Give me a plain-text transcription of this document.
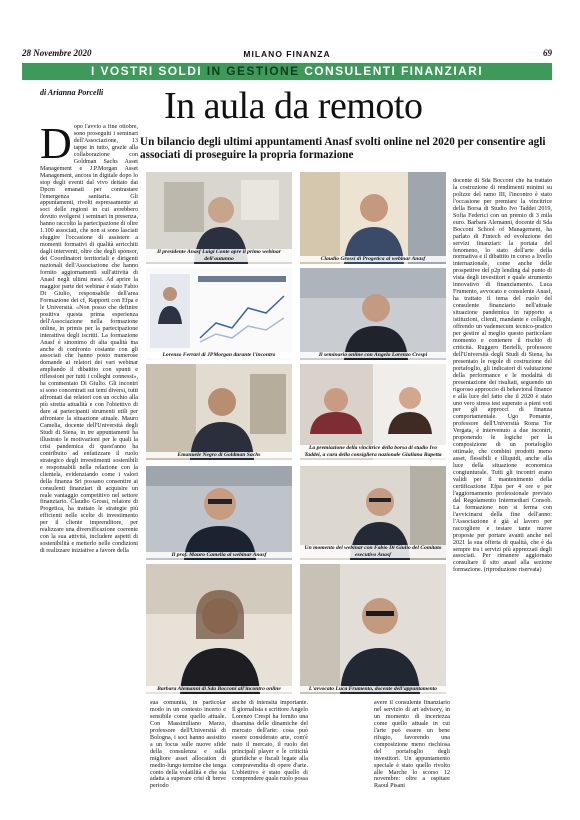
28 Novembre 2020	MILANO FINANZA	69
I VOSTRI SOLDI IN GESTIONE CONSULENTI FINANZIARI
di Arianna Porcelli In aula da remoto
Un bilancio degli ultimi appuntamenti Anasf svolti online nel 2020 per consentire agli associati di proseguire la propria formazione
D opo l'avvio a fine ottobre, sono proseguiti i seminari dell'Associazione, 13 tappe in tutto, grazie alla collaborazione con Goldman Sachs Asset Management e J.P.Morgan Asset Management, ancora in digitale dopo lo stop degli eventi dal vivo dettato dai Dpcm emanati per contrastare l'emergenza sanitaria. Gli appuntamenti, rivolti espressamente ai soci delle regioni in cui avrebbero dovuto svolgersi i seminari in presenza, hanno raccolto la partecipazione di oltre 1.100 associati, che non si sono lasciati sfuggire l'occasione di assistere a momenti formativi di qualità arricchiti dagli interventi, oltre che degli sponsor, dei Coordinatori territoriali e dirigenti nazionali dell'Associazione che hanno fornito aggiornamenti sull'attività di Anasf negli ultimi mesi. Ad aprire la maggior parte dei webinar è stato Fabio Di Giulio, responsabile dell'area Formazione dei cf, Rapporti con Efpa e le Università. «Non posso che definire positiva questa prima esperienza dell'Associazione nella formazione online, in primis per la partecipazione interattiva degli iscritti. La formazione Anasf è sinonimo di alta qualità ma anche di confronto costante con gli associati che hanno posto numerose domande ai relatori dei vari webinar ampliando il dibattito con spunti e riflessioni per tutti i colleghi connessi», ha commentato Di Giulio. Gli incontri si sono concentrati sui temi diversi, tutti affrontati dai relatori con un occhio alla più stretta attualità e con l'obiettivo di dare ai partecipanti strumenti utili per affrontare la situazione attuale. Mauro Camelia, docente dell'Università degli Studi di Siena, in tre appuntamenti ha illustrato le motivazioni per le quali la crisi pandemica di quest'anno ha contribuito ad enfatizzare il ruolo strategico degli investimenti sostenibili e responsabili nella relazione con la clientela, evidenziando come i valori della finanza Sri possano consentire ai consulenti finanziari di acquisire un reale vantaggio competitivo nel settore finanziario. Claudio Grossi, relatore di Progetica, ha trattato le strategie più efficienti nelle scelte di investimento per il cliente imprenditore, per realizzare una diversificazione coerente con la sua attività, includere aspetti di sostenibilità e metterlo nelle condizioni di realizzare iniziative a favore della
sua comunità, in particolar modo in un contesto incerto e sensibile come quello attuale. Con Massimiliano Marzo, professore dell'Università di Bologna, i soci hanno assistito a un focus sulle nuove sfide della consulenza e sulla migliore asset allocation di medio-lungo termine che tenga conto della volatilità e che sia adatta a superare crisi di breve periodo
anche di intensità importante. Il giornalista e scrittore Angelo Lorenzo Crespi ha fornito una disamina delle dinamiche del mercato dell'arte: cosa può essere considerato arte, com'è nato il mercato, il ruolo dei principali player e le criticità giuridiche e fiscali legate alla compravendita di opere d'arte. L'obiettivo è stato quello di comprendere quale ruolo possa
avere il consulente finanziario nel servizio di art advisory, in un momento di incertezza come quello attuale in cui l'arte può essere un bene rifugio, favorendo una composizione meno rischiosa del portafoglio degli investitori. Un appuntamento speciale è stato quello rivolto alle Marche lo scorso 12 novembre: oltre a ospitare Raoul Pisani
docente di Sda Bocconi che ha trattato la costruzione di rendimenti minimi su polizze del ramo III, l'incontro è stato l'occasione per premiare la vincitrice della Borsa di Studio Ivo Taddei 2019, Sofia Federici con un premio di 3 mila euro. Barbara Alemanni, docente di Sda Bocconi School of Management, ha parlato di Fintech ed evoluzione dei servizi finanziari: la portata del fenomeno, lo stato dell'arte della normativa e il dibattito in corso a livello internazionale, come anche delle prospettive del p2p lending dal punto di vista degli investitori e quale strumento innovativo di finanziamento. Luca Frumento, avvocato e consulente Anasf, ha trattato il tema del ruolo del consulente finanziario nell'attuale situazione pandemica in rapporto a istituzioni, clienti, mandante e colleghi, offrendo un vademecum tecnico-pratico per gestire al meglio questo particolare momento e contenere il rischio di criticità. Ruggero Bertelli, professore dell'Università degli Studi di Siena, ha presentato le regole di costruzione del portafoglio, gli indicatori di valutazione della performance e le modalità di presentazione dei risultati, seguendo un rigoroso approccio di behavioral finance e alla luce del fatto che il 2020 è stato uno vero stress test superato a pieni voti per gli approcci di finanza comportamentale. Ugo Pomante, professore dell'Università Roma Tor Vergata, è intervenuto a due incontri, proponendo le logiche per la composizione di un portafoglio ottimale, che combini prodotti meno asset, flessibili e illiquidi, anche alla luce della situazione economica congiunturale. Tutti gli incontri erano validi per il mantenimento della certificazione Efpa per 4 ore e per l'aggiornamento professionale previsto dal Regolamento Intermediari Consob. La formazione non si ferma con l'avvicinarsi della fine dell'anno: l'Associazione è già al lavoro per raccogliere e testare tante nuove proposte per portare avanti anche nel 2021 la sua offerta di qualità, che è da sempre tra i servizi più apprezzati degli associati. Per rimanere aggiornato consultare il sito anasf alla sezione formazione. (riproduzione riservata)
Il presidente Anasf Luigi Conte apre il primo webinar dell'autunno	Claudio Grossi di Progetica al webinar Anasf
Lorenzo Ferrari di JPMorgan durante l'incontro	Il seminario online con Angelo Lorenzo Crespi
Emanuele Negro di Goldman Sachs
La premiazione della vincitrice della borsa di studio Ivo Taddei, a cura della consigliera nazionale Giuliana Rapetta
Il prof. Mauro Camelia al webinar Anasf
Un momento del webinar con Fabio Di Giulio del Comitato esecutivo Anasf
Barbara Alemanni di Sda Bocconi all'incontro online	L'avvocato Luca Frumento, docente dell'appuntamento
